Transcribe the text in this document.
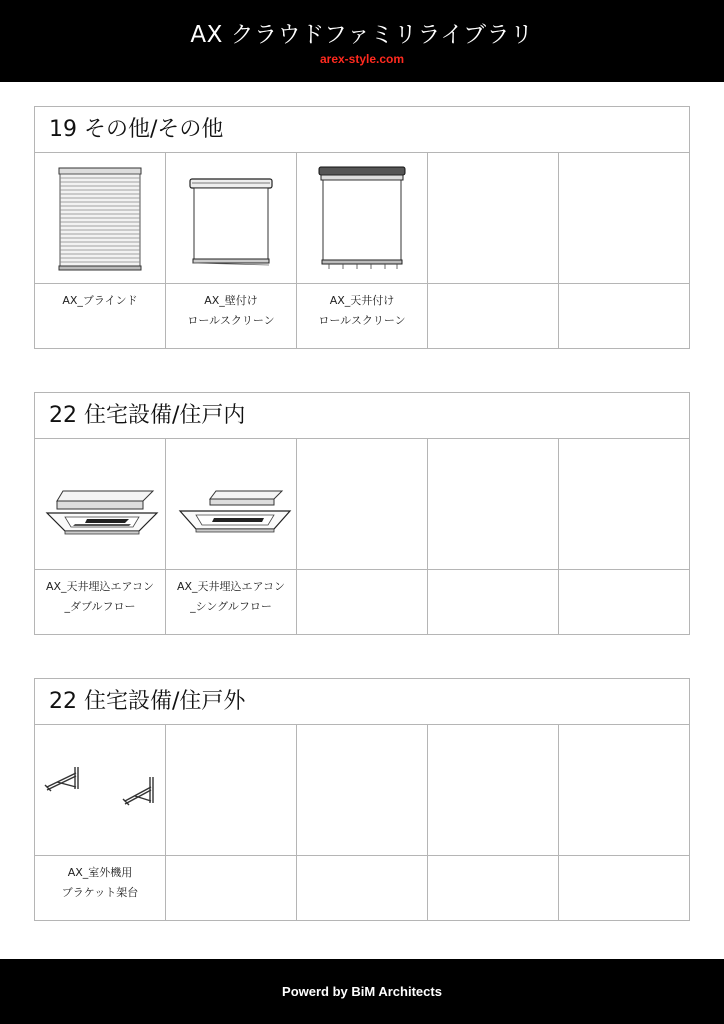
AX クラウドファミリライブラリ
arex-style.com
19 その他/その他
AX_ブラインド	AX_壁付け
ロールスクリーン
AX_天井付け
ロールスクリーン
22 住宅設備/住戸内
AX_天井埋込エアコン
_ダブルフロー
AX_天井埋込エアコン
_シングルフロー
22 住宅設備/住戸外
AX_室外機用
ブラケット架台
Powerd by BiM Architects
